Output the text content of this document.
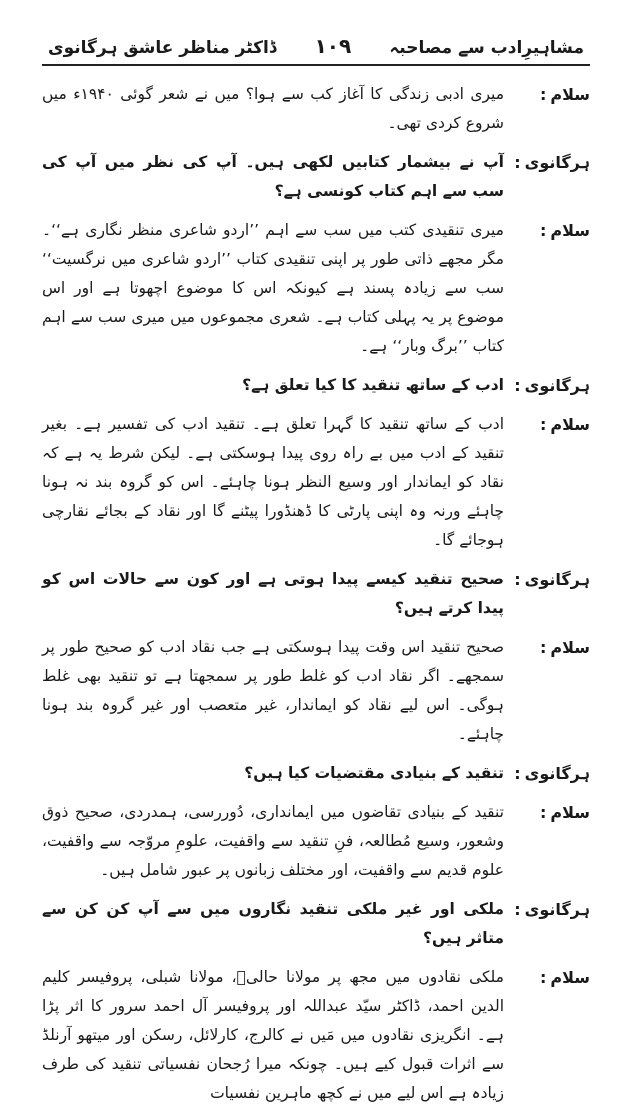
مشاہیرِادب سے مصاحبہ
۱۰۹
ڈاکٹر مناظر عاشق ہرگانوی
سلام:
میری ادبی زندگی کا آغاز کب سے ہوا؟ میں نے شعر گوئی ۱۹۴۰ء میں شروع کردی تھی۔
ہرگانوی:
آپ نے بیشمار کتابیں لکھی ہیں۔ آپ کی نظر میں آپ کی سب سے اہم کتاب کونسی ہے؟
سلام:
میری تنقیدی کتب میں سب سے اہم ’’اردو شاعری منظر نگاری ہے‘‘۔ مگر مجھے ذاتی طور پر اپنی تنقیدی کتاب ’’اردو شاعری میں نرگسیت‘‘ سب سے زیادہ پسند ہے کیونکہ اس کا موضوع اچھوتا ہے اور اس موضوع پر یہ پہلی کتاب ہے۔ شعری مجموعوں میں میری سب سے اہم کتاب ’’برگ وبار‘‘ ہے۔
ہرگانوی:
ادب کے ساتھ تنقید کا کیا تعلق ہے؟
سلام:
ادب کے ساتھ تنقید کا گہرا تعلق ہے۔ تنقید ادب کی تفسیر ہے۔ بغیر تنقید کے ادب میں بے راہ روی پیدا ہوسکتی ہے۔ لیکن شرط یہ ہے کہ نقاد کو ایماندار اور وسیع النظر ہونا چاہئے۔ اس کو گروہ بند نہ ہونا چاہئے ورنہ وہ اپنی پارٹی کا ڈھنڈورا پیٹنے گا اور نقاد کے بجائے نقارچی ہوجائے گا۔
ہرگانوی:
صحیح تنقید کیسے پیدا ہوتی ہے اور کون سے حالات اس کو پیدا کرتے ہیں؟
سلام:
صحیح تنقید اس وقت پیدا ہوسکتی ہے جب نقاد ادب کو صحیح طور پر سمجھے۔ اگر نقاد ادب کو غلط طور پر سمجھتا ہے تو تنقید بھی غلط ہوگی۔ اس لیے نقاد کو ایماندار، غیر متعصب اور غیر گروہ بند ہونا چاہئے۔
ہرگانوی:
تنقید کے بنیادی مقتضیات کیا ہیں؟
سلام:
تنقید کے بنیادی تقاضوں میں ایمانداری، دُوررسی، ہمدردی، صحیح ذوق وشعور، وسیع مُطالعہ، فنِ تنقید سے واقفیت، علومِ مروّجہ سے واقفیت، علوم قدیم سے واقفیت، اور مختلف زبانوں پر عبور شامل ہیں۔
ہرگانوی:
ملکی اور غیر ملکی تنقید نگاروں میں سے آپ کن کن سے متاثر ہیں؟
سلام:
ملکی نقادوں میں مجھ پر مولانا حالیؔ، مولانا شبلی، پروفیسر کلیم الدین احمد، ڈاکٹر سیّد عبداللہ اور پروفیسر آل احمد سرور کا اثر پڑا ہے۔ انگریزی نقادوں میں مَیں نے کالرج، کارلائل، رسکن اور میتھو آرنلڈ سے اثرات قبول کیے ہیں۔ چونکہ میرا رُجحان نفسیاتی تنقید کی طرف زیادہ ہے اس لیے میں نے کچھ ماہرین نفسیات
